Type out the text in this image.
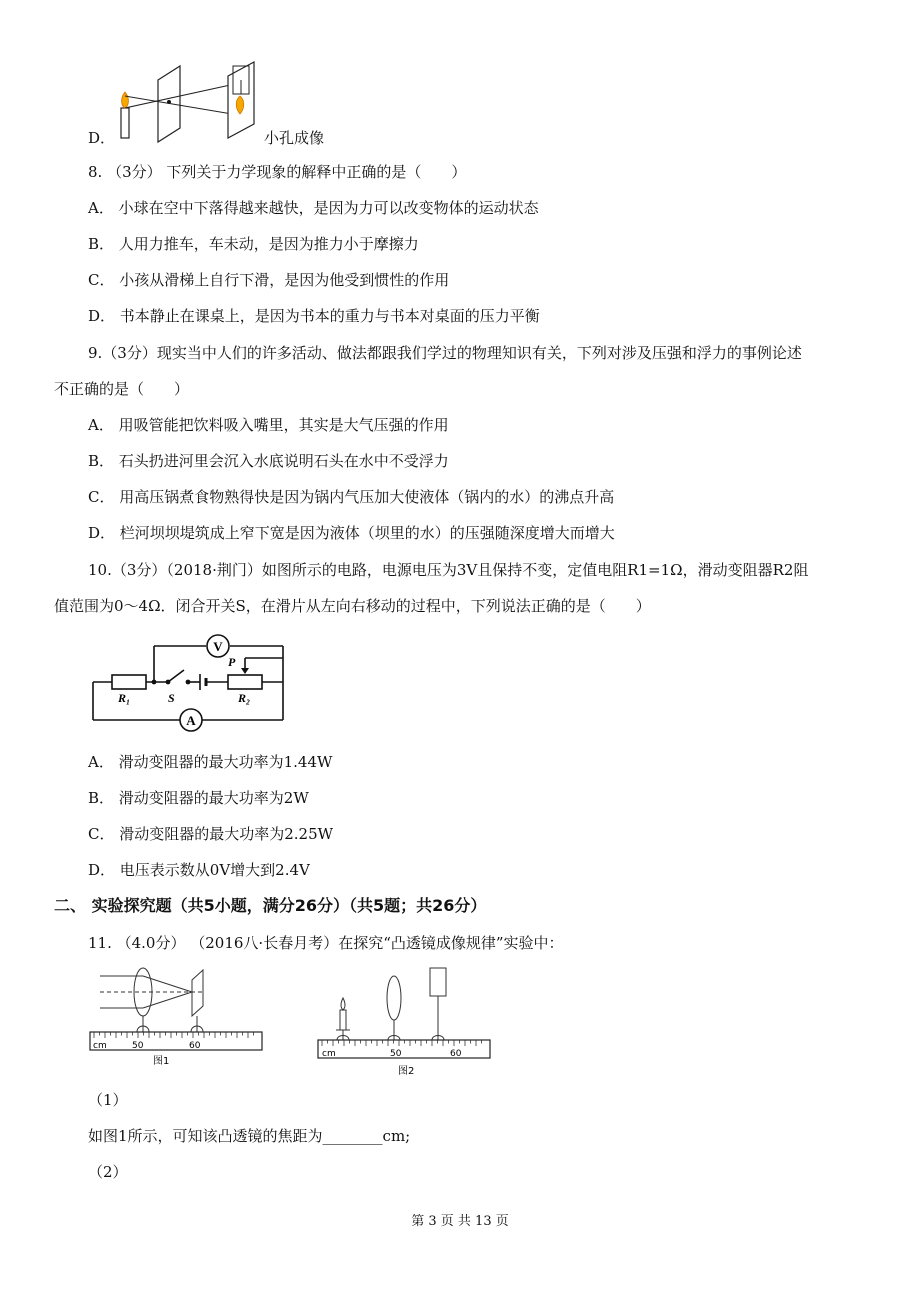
D．	小孔成像
8. （3分） 下列关于力学现象的解释中正确的是（　　）
A． 小球在空中下落得越来越快，是因为力可以改变物体的运动状态
B． 人用力推车，车未动，是因为推力小于摩擦力
C． 小孩从滑梯上自行下滑，是因为他受到惯性的作用
D． 书本静止在课桌上，是因为书本的重力与书本对桌面的压力平衡
9.（3分）现实当中人们的许多活动、做法都跟我们学过的物理知识有关，下列对涉及压强和浮力的事例论述
不正确的是（　　）
A． 用吸管能把饮料吸入嘴里，其实是大气压强的作用
B． 石头扔进河里会沉入水底说明石头在水中不受浮力
C． 用高压锅煮食物熟得快是因为锅内气压加大使液体（锅内的水）的沸点升高
D． 栏河坝坝堤筑成上窄下宽是因为液体（坝里的水）的压强随深度增大而增大
10.（3分）（2018·荆门）如图所示的电路，电源电压为3V且保持不变，定值电阻R1=1Ω，滑动变阻器R2阻
值范围为0～4Ω．闭合开关S，在滑片从左向右移动的过程中，下列说法正确的是（　　）
V
A
R₁	S	R₂
P
A． 滑动变阻器的最大功率为1.44W
B． 滑动变阻器的最大功率为2W
C． 滑动变阻器的最大功率为2.25W
D． 电压表示数从0V增大到2.4V
二、 实验探究题（共5小题，满分26分）（共5题；共26分）
11. （4.0分） （2016八·长春月考）在探究“凸透镜成像规律”实验中：
cm	50	60
图1
cm	50	60
图2
（1）
如图1所示，可知该凸透镜的焦距为________cm;
（2）
第 3 页 共 13 页
